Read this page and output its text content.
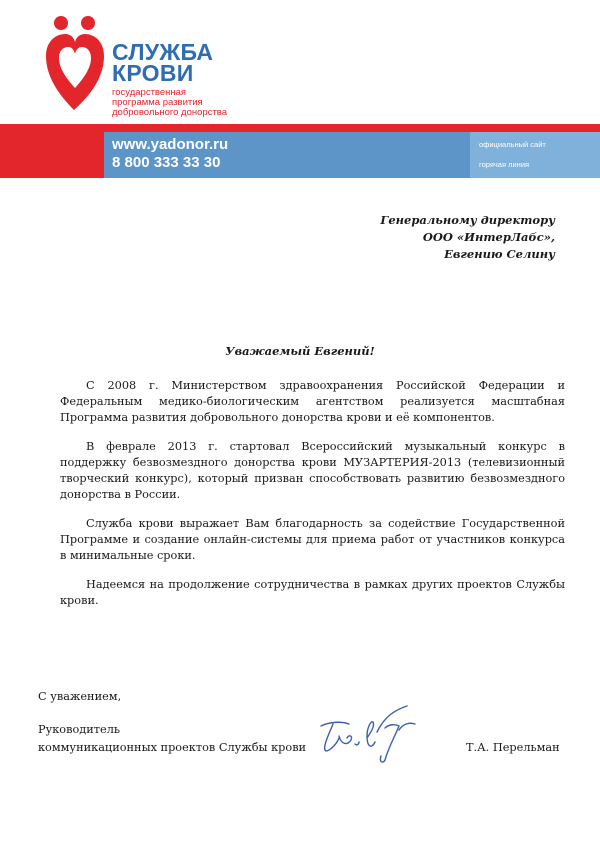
СЛУЖБА
КРОВИ
государственная
программа развития
добровольного донорства
www.yadonor.ru
8 800 333 33 30
официальный сайт
горячая линия
Генеральному директору
ООО «ИнтерЛабс»,
Евгению Селину
Уважаемый Евгений!

С 2008 г. Министерством здравоохранения Российской Федерации и Федеральным медико-биологическим агентством реализуется масштабная Программа развития добровольного донорства крови и её компонентов.

В феврале 2013 г. стартовал Всероссийский музыкальный конкурс в поддержку безвозмездного донорства крови МУЗАРТЕРИЯ-2013 (телевизионный творческий конкурс), который призван способствовать развитию безвозмездного донорства в России.

Служба крови выражает Вам благодарность за содействие Государственной Программе и создание онлайн-системы для приема работ от участников конкурса в минимальные сроки.

Надеемся на продолжение сотрудничества в рамках других проектов Службы крови.

С уважением,
Руководитель
коммуникационных проектов Службы крови	Т.А. Перельман
